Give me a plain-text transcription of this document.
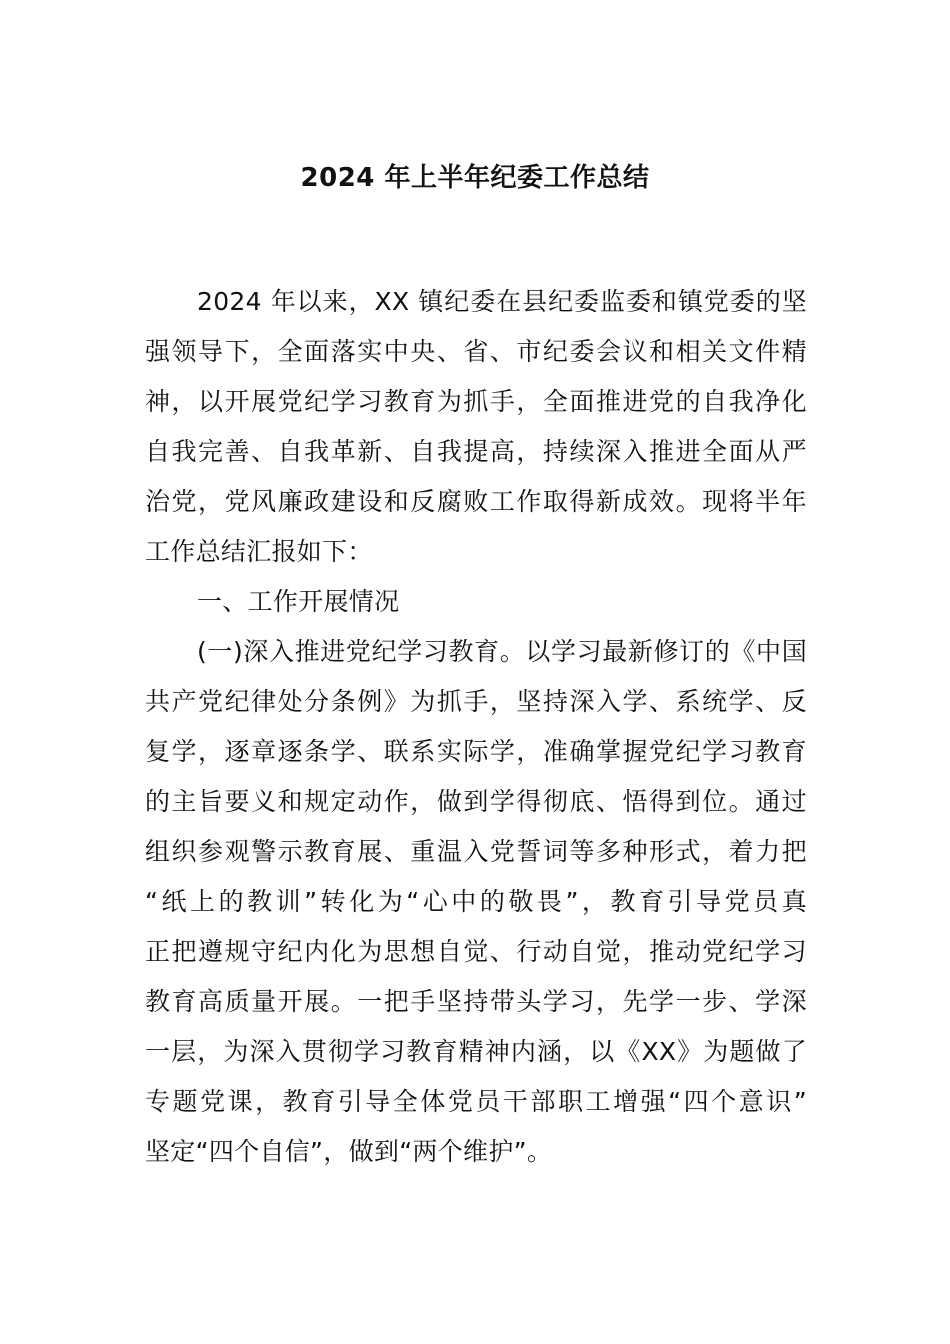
2024 年上半年纪委工作总结
2024 年以来，XX 镇纪委在县纪委监委和镇党委的坚
强领导下，全面落实中央、省、市纪委会议和相关文件精
神，以开展党纪学习教育为抓手，全面推进党的自我净化
自我完善、自我革新、自我提高，持续深入推进全面从严
治党，党风廉政建设和反腐败工作取得新成效。现将半年
工作总结汇报如下：
一、工作开展情况
(一)深入推进党纪学习教育。以学习最新修订的《中国
共产党纪律处分条例》为抓手，坚持深入学、系统学、反
复学，逐章逐条学、联系实际学，准确掌握党纪学习教育
的主旨要义和规定动作，做到学得彻底、悟得到位。通过
组织参观警示教育展、重温入党誓词等多种形式，着力把
“纸上的教训”转化为“心中的敬畏”，教育引导党员真
正把遵规守纪内化为思想自觉、行动自觉，推动党纪学习
教育高质量开展。一把手坚持带头学习，先学一步、学深
一层，为深入贯彻学习教育精神内涵，以《XX》为题做了
专题党课，教育引导全体党员干部职工增强“四个意识”
坚定“四个自信”，做到“两个维护”。
